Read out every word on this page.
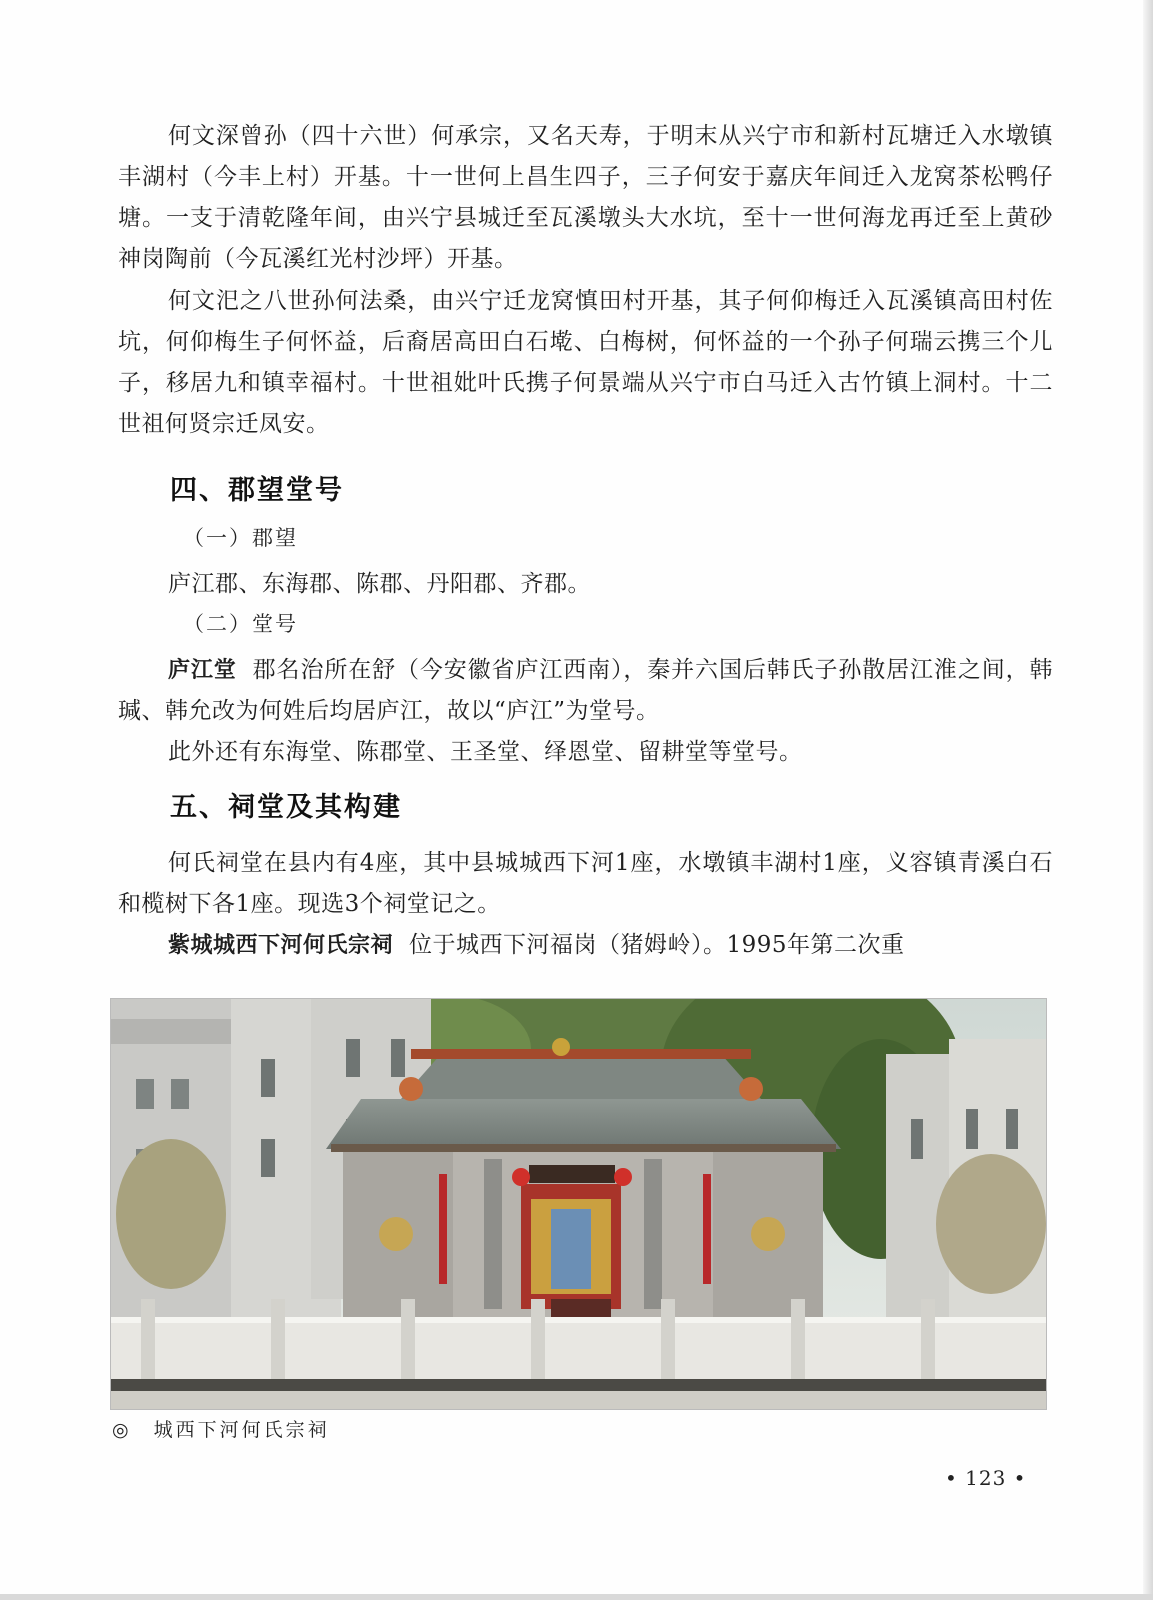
何文深曾孙（四十六世）何承宗，又名天寿，于明末从兴宁市和新村瓦塘迁入水墩镇丰湖村（今丰上村）开基。十一世何上昌生四子，三子何安于嘉庆年间迁入龙窝茶松鸭仔塘。一支于清乾隆年间，由兴宁县城迁至瓦溪墩头大水坑，至十一世何海龙再迁至上黄砂神岗陶前（今瓦溪红光村沙坪）开基。

何文汜之八世孙何法桑，由兴宁迁龙窝慎田村开基，其子何仰梅迁入瓦溪镇高田村佐坑，何仰梅生子何怀益，后裔居高田白石墘、白梅树，何怀益的一个孙子何瑞云携三个儿子，移居九和镇幸福村。十世祖妣叶氏携子何景端从兴宁市白马迁入古竹镇上洞村。十二世祖何贤宗迁凤安。

四、郡望堂号
（一）郡望

庐江郡、东海郡、陈郡、丹阳郡、齐郡。

（二）堂号

庐江堂 郡名治所在舒（今安徽省庐江西南），秦并六国后韩氏子孙散居江淮之间，韩瑊、韩允改为何姓后均居庐江，故以“庐江”为堂号。

此外还有东海堂、陈郡堂、王圣堂、绎恩堂、留耕堂等堂号。

五、祠堂及其构建

何氏祠堂在县内有4座，其中县城城西下河1座，水墩镇丰湖村1座，义容镇青溪白石和榄树下各1座。现选3个祠堂记之。

紫城城西下河何氏宗祠 位于城西下河福岗（猪姆岭）。1995年第二次重

◎ 城西下河何氏宗祠
• 123 •
